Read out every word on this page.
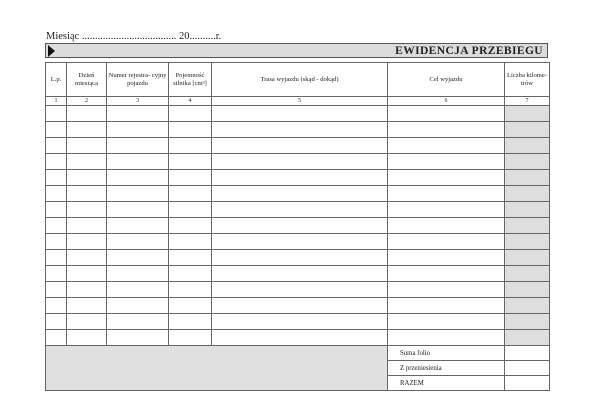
Miesiąc .................................... 20..........r.
EWIDENCJA PRZEBIEGU
L.p.	Dzień miesiąca	Numer rejestra- cyjny pojazdu	Pojemność silnika [cm³]	Trasa wyjazdu (skąd - dokąd)	Cel wyjazdu	Liczba kilome- trów
1	2	3	4	5	6	7

					Suma folio	
					Z przeniesienia	
					RAZEM	
